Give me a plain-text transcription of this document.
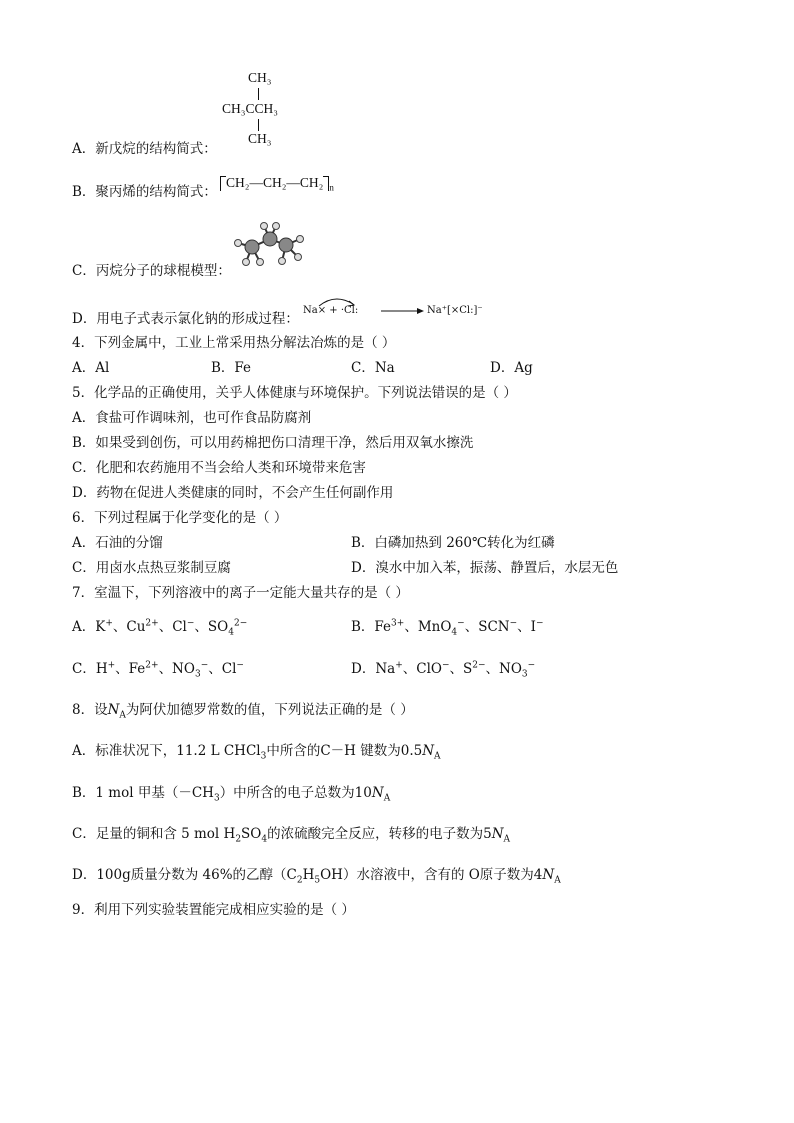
CH₃
CH₃CCH₃
CH₃
A．新戊烷的结构简式：
B．聚丙烯的结构简式：
CH₂—CH₂—CH₂ $_n$
C．丙烷分子的球棍模型：
D．用电子式表示氯化钠的形成过程：
Na× + ·Cl:	Na⁺[×Cl:]⁻
4．下列金属中，工业上常采用热分解法冶炼的是（ ）
A．Al	B．Fe	C．Na	D．Ag
5．化学品的正确使用，关乎人体健康与环境保护。下列说法错误的是（ ）
A．食盐可作调味剂，也可作食品防腐剂
B．如果受到创伤，可以用药棉把伤口清理干净，然后用双氧水擦洗
C．化肥和农药施用不当会给人类和环境带来危害
D．药物在促进人类健康的同时，不会产生任何副作用
6．下列过程属于化学变化的是（ ）
A．石油的分馏	B．白磷加热到 260℃转化为红磷
C．用卤水点热豆浆制豆腐	D．溴水中加入苯，振荡、静置后，水层无色
7．室温下，下列溶液中的离子一定能大量共存的是（ ）
A．K+、$Cu^{2+}$、Cl−、$SO_4^{2-}$	B．$Fe^{3+}$、MnO$_4$−、SCN−、I−
C．H+、$Fe^{2+}$、$NO_3^-$、Cl−	D．Na+、ClO−、$S^{2-}$、$NO_3^-$
8．设$N_A$为阿伏加德罗常数的值，下列说法正确的是（ ）
A．标准状况下，11.2 L CHCl$_3$中所含的C－H 键数为$0.5N_A$
B．1 mol 甲基$(-CH_3)$中所含的电子总数为$10N_A$
C．足量的铜和含 5 mol $H_2SO_4$的浓硫酸完全反应，转移的电子数为$5N_A$
D．100g质量分数为 46%的乙醇$(C_2H_5OH)$水溶液中，含有的 O原子数为$4N_A$
9．利用下列实验装置能完成相应实验的是（ ）
